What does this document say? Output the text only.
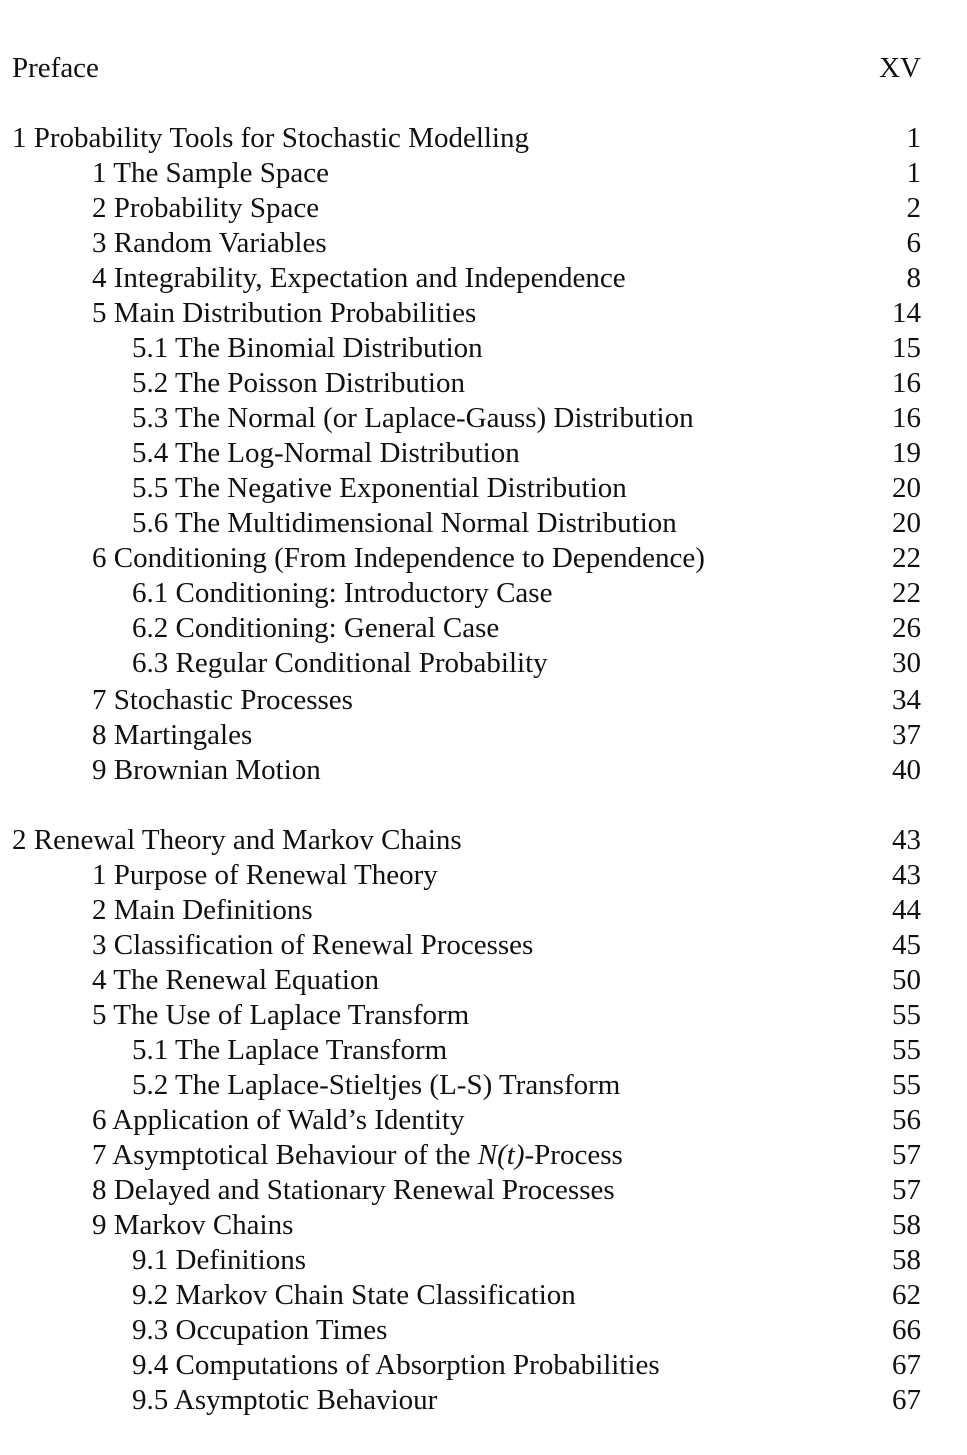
Preface	XV
1 Probability Tools for Stochastic Modelling	1
1 The Sample Space	1
2 Probability Space	2
3 Random Variables	6
4 Integrability, Expectation and Independence	8
5 Main Distribution Probabilities	14
5.1 The Binomial Distribution	15
5.2 The Poisson Distribution	16
5.3 The Normal (or Laplace-Gauss) Distribution	16
5.4 The Log-Normal Distribution	19
5.5 The Negative Exponential Distribution	20
5.6 The Multidimensional Normal Distribution	20
6 Conditioning (From Independence to Dependence)	22
6.1 Conditioning: Introductory Case	22
6.2 Conditioning: General Case	26
6.3 Regular Conditional Probability	30
7 Stochastic Processes	34
8 Martingales	37
9 Brownian Motion	40
2 Renewal Theory and Markov Chains	43
1 Purpose of Renewal Theory	43
2 Main Definitions	44
3 Classification of Renewal Processes	45
4 The Renewal Equation	50
5 The Use of Laplace Transform	55
5.1 The Laplace Transform	55
5.2 The Laplace-Stieltjes (L-S) Transform	55
6 Application of Wald’s Identity	56
7 Asymptotical Behaviour of the N(t)-Process	57
8 Delayed and Stationary Renewal Processes	57
9 Markov Chains	58
9.1 Definitions	58
9.2 Markov Chain State Classification	62
9.3 Occupation Times	66
9.4 Computations of Absorption Probabilities	67
9.5 Asymptotic Behaviour	67
